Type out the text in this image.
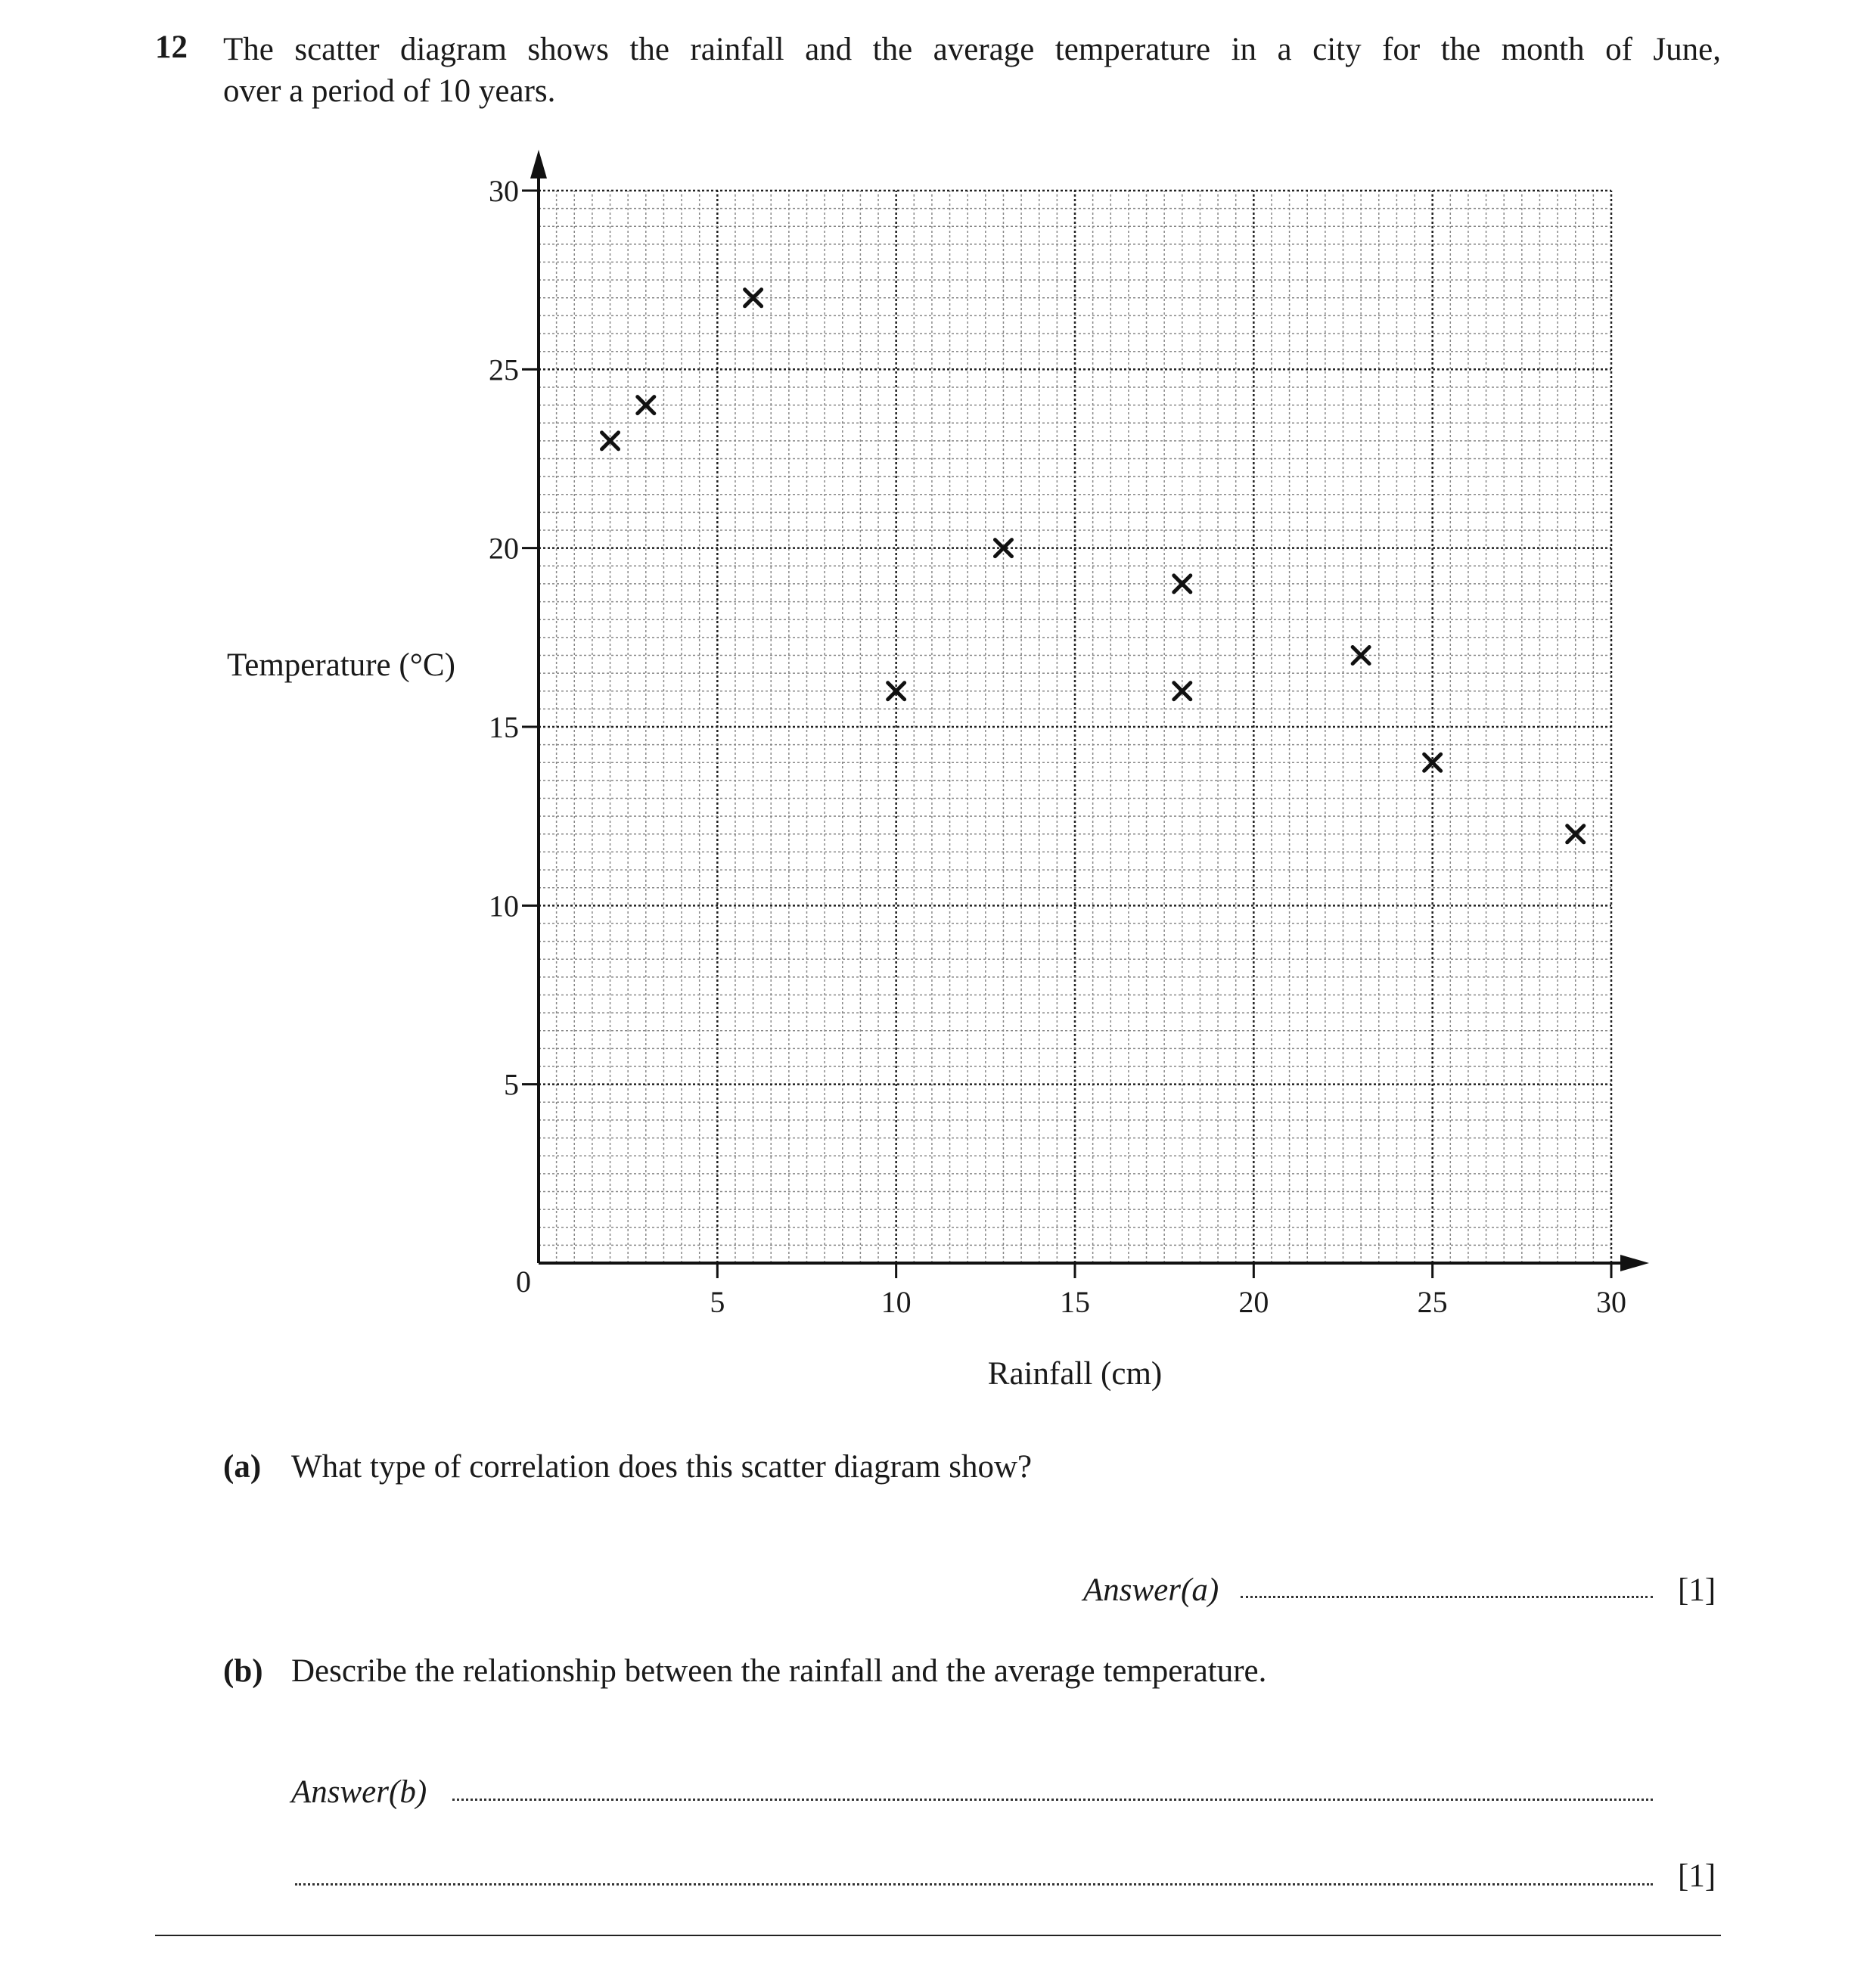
12 The scatter diagram shows the rainfall and the average temperature in a city for the month of June,
over a period of 10 years.
5
10
15
20
25
30
5	10	15	20	25	30
0
Temperature (°C)
Rainfall (cm)
(a) What type of correlation does this scatter diagram show?
Answer(a)	[1]
(b) Describe the relationship between the rainfall and the average temperature.
Answer(b)
[1]
